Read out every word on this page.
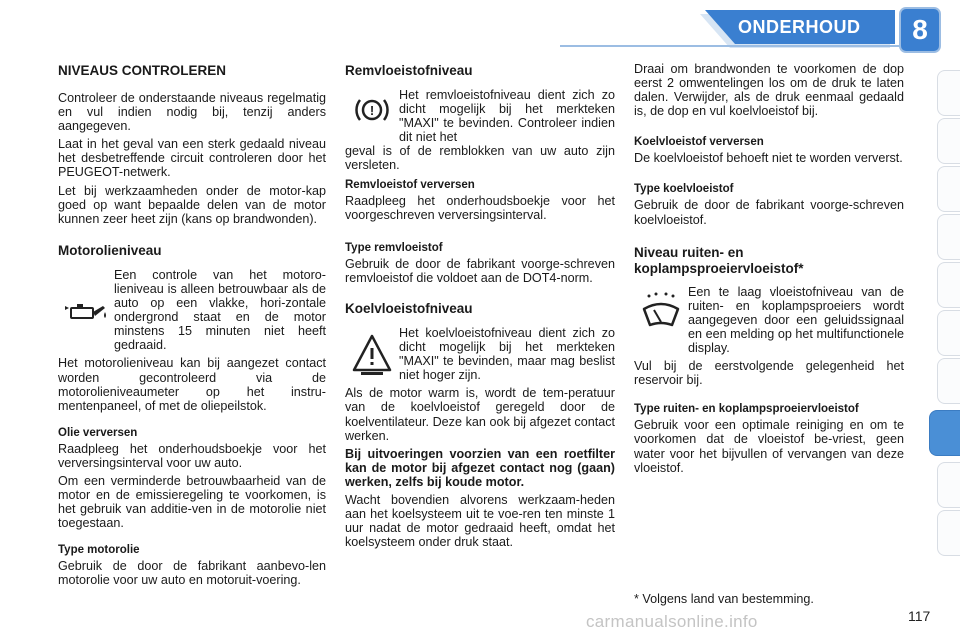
ONDERHOUD	8

NIVEAUS CONTROLEREN

Controleer de onderstaande niveaus regelmatig en vul indien nodig bij, tenzij anders aangegeven.

Laat in het geval van een sterk gedaald niveau het desbetreffende circuit controleren door het PEUGEOT-netwerk.

Let bij werkzaamheden onder de motor-kap goed op want bepaalde delen van de motor kunnen zeer heet zijn (kans op brandwonden).

Motorolieniveau

Een controle van het motoro-lieniveau is alleen betrouwbaar als de auto op een vlakke, hori-zontale ondergrond staat en de motor minstens 15 minuten niet heeft gedraaid.

Het motorolieniveau kan bij aangezet contact worden gecontroleerd via de motorolieniveaumeter op het instru-mentenpaneel, of met de oliepeilstok.

Olie verversen

Raadpleeg het onderhoudsboekje voor het verversingsinterval voor uw auto.

Om een verminderde betrouwbaarheid van de motor en de emissieregeling te voorkomen, is het gebruik van additie-ven in de motorolie niet toegestaan.

Type motorolie

Gebruik de door de fabrikant aanbevo-len motorolie voor uw auto en motoruit-voering.

Remvloeistofniveau

!

Het remvloeistofniveau dient zich zo dicht mogelijk bij het merkteken "MAXI" te bevinden. Controleer indien dit niet het

geval is of de remblokken van uw auto zijn versleten.

Remvloeistof verversen

Raadpleeg het onderhoudsboekje voor het voorgeschreven verversingsinterval.

Type remvloeistof

Gebruik de door de fabrikant voorge-schreven remvloeistof die voldoet aan de DOT4-norm.

Koelvloeistofniveau

Het koelvloeistofniveau dient zich zo dicht mogelijk bij het merkteken "MAXI" te bevinden, maar mag beslist niet hoger zijn.

Als de motor warm is, wordt de tem-peratuur van de koelvloeistof geregeld door de koelventilateur. Deze kan ook bij afgezet contact werken.

Bij uitvoeringen voorzien van een roetfilter kan de motor bij afgezet contact nog (gaan) werken, zelfs bij koude motor.

Wacht bovendien alvorens werkzaam-heden aan het koelsysteem uit te voe-ren ten minste 1 uur nadat de motor gedraaid heeft, omdat het koelsysteem onder druk staat.

Draai om brandwonden te voorkomen de dop eerst 2 omwentelingen los om de druk te laten dalen. Verwijder, als de druk eenmaal gedaald is, de dop en vul koelvloeistof bij.

Koelvloeistof verversen

De koelvloeistof behoeft niet te worden ververst.

Type koelvloeistof

Gebruik de door de fabrikant voorge-schreven koelvloeistof.

Niveau ruiten- en koplampsproeiervloeistof*

Een te laag vloeistofniveau van de ruiten- en koplampsproeiers wordt aangegeven door een geluidssignaal en een melding op het multifunctionele display.

Vul bij de eerstvolgende gelegenheid het reservoir bij.

Type ruiten- en koplampsproeiervloeistof

Gebruik voor een optimale reiniging en om te voorkomen dat de vloeistof be-vriest, geen water voor het bijvullen of vervangen van deze vloeistof.

* Volgens land van bestemming.
carmanualsonline.info	117
